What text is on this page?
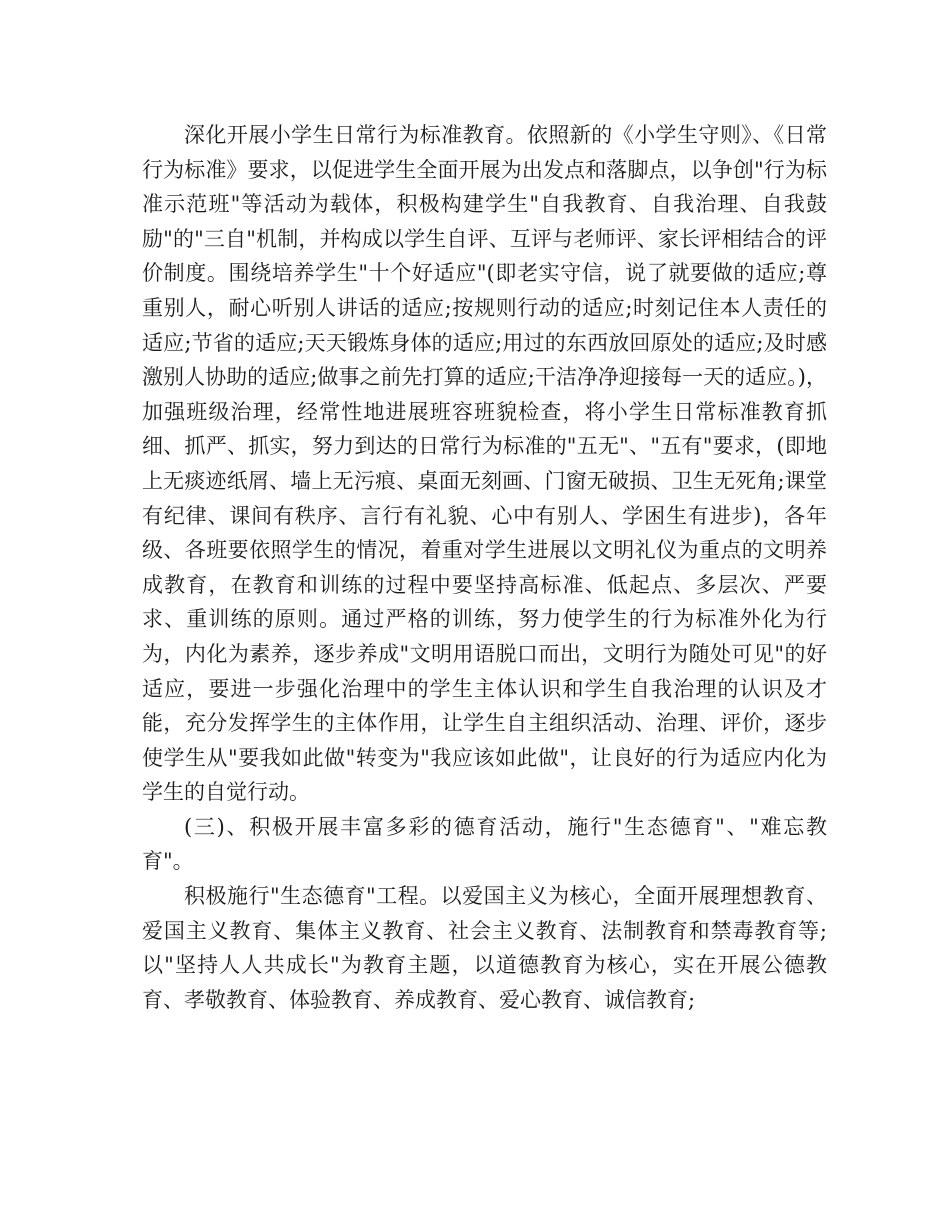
深化开展小学生日常行为标准教育。依照新的《小学生守则》、《日常行为标准》要求，以促进学生全面开展为出发点和落脚点，以争创"行为标准示范班"等活动为载体，积极构建学生"自我教育、自我治理、自我鼓励"的"三自"机制，并构成以学生自评、互评与老师评、家长评相结合的评价制度。围绕培养学生"十个好适应"(即老实守信，说了就要做的适应;尊重别人，耐心听别人讲话的适应;按规则行动的适应;时刻记住本人责任的适应;节省的适应;天天锻炼身体的适应;用过的东西放回原处的适应;及时感激别人协助的适应;做事之前先打算的适应;干洁净净迎接每一天的适应。)，加强班级治理，经常性地进展班容班貌检查，将小学生日常标准教育抓细、抓严、抓实，努力到达的日常行为标准的"五无"、"五有"要求，(即地上无痰迹纸屑、墙上无污痕、桌面无刻画、门窗无破损、卫生无死角;课堂有纪律、课间有秩序、言行有礼貌、心中有别人、学困生有进步)，各年级、各班要依照学生的情况，着重对学生进展以文明礼仪为重点的文明养成教育，在教育和训练的过程中要坚持高标准、低起点、多层次、严要求、重训练的原则。通过严格的训练，努力使学生的行为标准外化为行为，内化为素养，逐步养成"文明用语脱口而出，文明行为随处可见"的好适应，要进一步强化治理中的学生主体认识和学生自我治理的认识及才能，充分发挥学生的主体作用，让学生自主组织活动、治理、评价，逐步使学生从"要我如此做"转变为"我应该如此做"，让良好的行为适应内化为学生的自觉行动。

(三)、积极开展丰富多彩的德育活动，施行"生态德育"、"难忘教育"。

积极施行"生态德育"工程。以爱国主义为核心，全面开展理想教育、爱国主义教育、集体主义教育、社会主义教育、法制教育和禁毒教育等;以"坚持人人共成长"为教育主题，以道德教育为核心，实在开展公德教育、孝敬教育、体验教育、养成教育、爱心教育、诚信教育;
